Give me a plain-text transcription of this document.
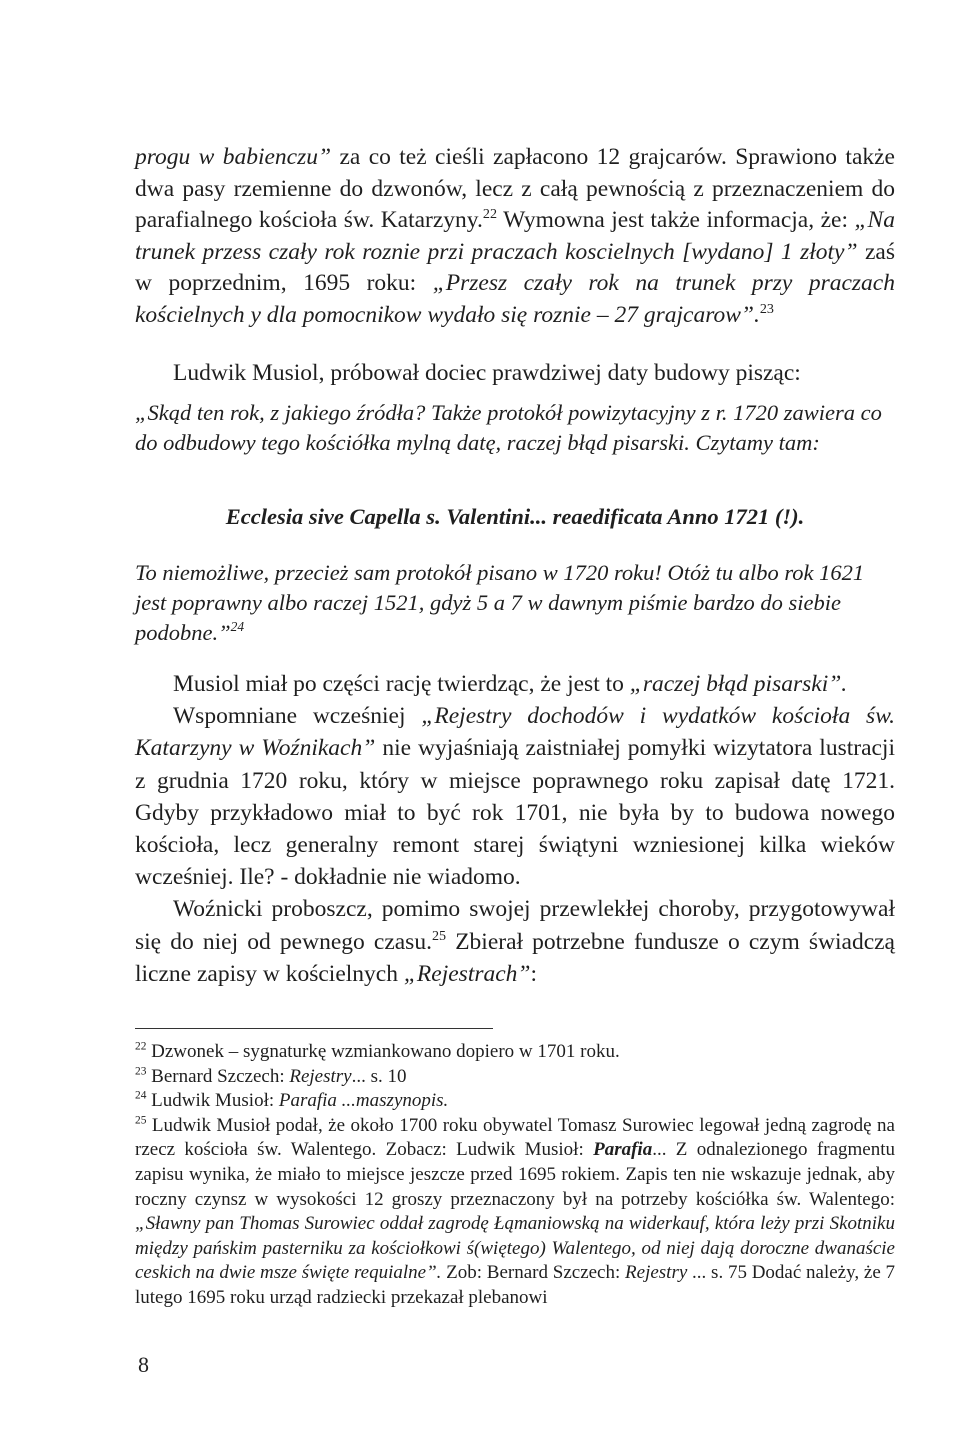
progu w babienczu” za co też cieśli zapłacono 12 grajcarów. Sprawiono także dwa pasy rzemienne do dzwonów, lecz z całą pewnością z przeznaczeniem do parafialnego kościoła św. Katarzyny.$^{22}$ Wymowna jest także informacja, że: „Na trunek przess czały rok roznie przi praczach koscielnych [wydano] 1 złoty” zaś w poprzednim, 1695 roku: „Przesz czały rok na trunek przy praczach kościelnych y dla pomocnikow wydało się roznie – 27 grajcarow”.$^{23}$

Ludwik Musiol, próbował dociec prawdziwej daty budowy pisząc:

„Skąd ten rok, z jakiego źródła? Także protokół powizytacyjny z r. 1720 zawiera co do odbudowy tego kościółka mylną datę, raczej błąd pisarski. Czytamy tam:

Ecclesia sive Capella s. Valentini... reaedificata Anno 1721 (!).

To niemożliwe, przecież sam protokół pisano w 1720 roku! Otóż tu albo rok 1621 jest poprawny albo raczej 1521, gdyż 5 a 7 w dawnym piśmie bardzo do siebie podobne.”$^{24}$

Musiol miał po części rację twierdząc, że jest to „raczej błąd pisarski”.
Wspomniane wcześniej „Rejestry dochodów i wydatków kościoła św. Katarzyny w Woźnikach” nie wyjaśniają zaistniałej pomyłki wizytatora lustracji z grudnia 1720 roku, który w miejsce poprawnego roku zapisał datę 1721. Gdyby przykładowo miał to być rok 1701, nie była by to budowa nowego kościoła, lecz generalny remont starej świątyni wzniesionej kilka wieków wcześniej. Ile? - dokładnie nie wiadomo.
Woźnicki proboszcz, pomimo swojej przewlekłej choroby, przygotowywał się do niej od pewnego czasu.$^{25}$ Zbierał potrzebne fundusze o czym świadczą liczne zapisy w kościelnych „Rejestrach”:

$^{22}$ Dzwonek – sygnaturkę wzmiankowano dopiero w 1701 roku.

$^{23}$ Bernard Szczech: Rejestry... s. 10

$^{24}$ Ludwik Musioł: Parafia ...maszynopis.

$^{25}$ Ludwik Musioł podał, że około 1700 roku obywatel Tomasz Surowiec legował jedną zagrodę na rzecz kościoła św. Walentego. Zobacz: Ludwik Musioł: Parafia... Z odnalezionego fragmentu zapisu wynika, że miało to miejsce jeszcze przed 1695 rokiem. Zapis ten nie wskazuje jednak, aby roczny czynsz w wysokości 12 groszy przeznaczony był na potrzeby kościółka św. Walentego: „Sławny pan Thomas Surowiec oddał zagrodę Łąmaniowską na widerkauf, która leży przi Skotniku między pańskim pasterniku za kościołkowi ś(więtego) Walentego, od niej dają doroczne dwanaście ceskich na dwie msze święte requialne”. Zob: Bernard Szczech: Rejestry ... s. 75 Dodać należy, że 7 lutego 1695 roku urząd radziecki przekazał plebanowi

8
